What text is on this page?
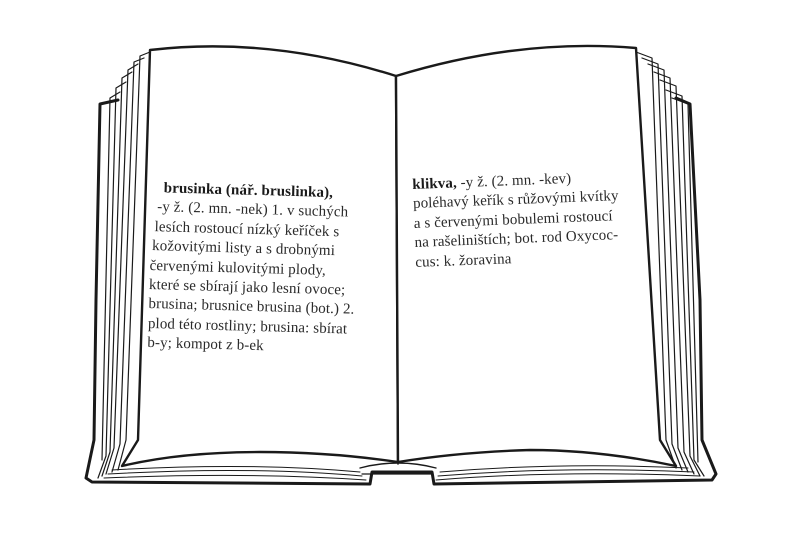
brusinka (nář. bruslinka),
-y ž. (2. mn. -nek) 1. v suchých
lesích rostoucí nízký keříček s
kožovitými listy a s drobnými
červenými kulovitými plody,
které se sbírají jako lesní ovoce;
brusina; brusnice brusina (bot.) 2.
plod této rostliny; brusina: sbírat
b-y; kompot z b-ek
klikva, -y ž. (2. mn. -kev)
poléhavý keřík s růžovými kvítky
a s červenými bobulemi rostoucí
na rašeliništích; bot. rod Oxycoc-
cus: k. žoravina
